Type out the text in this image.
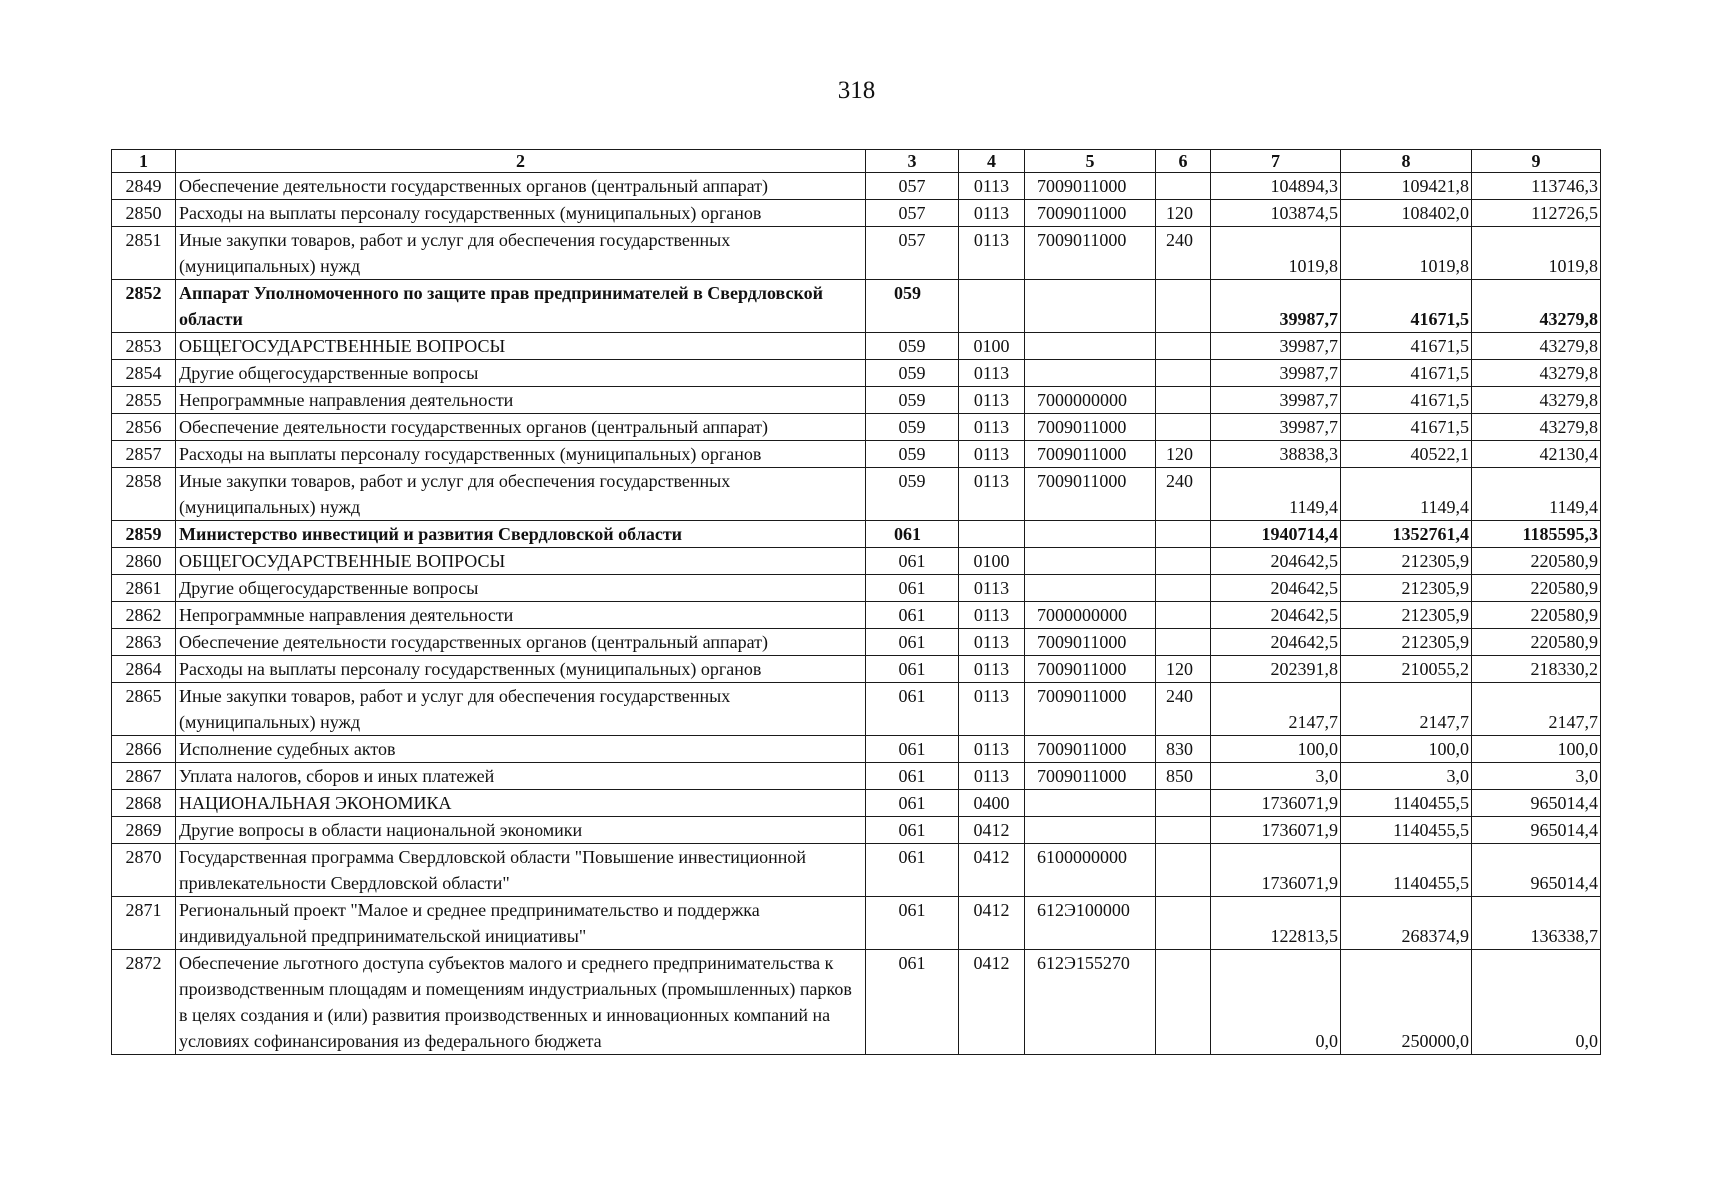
318
1	2	3	4	5	6	7	8	9
2849	Обеспечение деятельности государственных органов (центральный аппарат)	057	0113	7009011000		104894,3	109421,8	113746,3
2850	Расходы на выплаты персоналу государственных (муниципальных) органов	057	0113	7009011000	120	103874,5	108402,0	112726,5
2851	Иные закупки товаров, работ и услуг для обеспечения государственных (муниципальных) нужд	057	0113	7009011000	240	1019,8	1019,8	1019,8
2852	Аппарат Уполномоченного по защите прав предпринимателей в Свердловской области	059				39987,7	41671,5	43279,8
2853	ОБЩЕГОСУДАРСТВЕННЫЕ ВОПРОСЫ	059	0100			39987,7	41671,5	43279,8
2854	Другие общегосударственные вопросы	059	0113			39987,7	41671,5	43279,8
2855	Непрограммные направления деятельности	059	0113	7000000000		39987,7	41671,5	43279,8
2856	Обеспечение деятельности государственных органов (центральный аппарат)	059	0113	7009011000		39987,7	41671,5	43279,8
2857	Расходы на выплаты персоналу государственных (муниципальных) органов	059	0113	7009011000	120	38838,3	40522,1	42130,4
2858	Иные закупки товаров, работ и услуг для обеспечения государственных (муниципальных) нужд	059	0113	7009011000	240	1149,4	1149,4	1149,4
2859	Министерство инвестиций и развития Свердловской области	061				1940714,4	1352761,4	1185595,3
2860	ОБЩЕГОСУДАРСТВЕННЫЕ ВОПРОСЫ	061	0100			204642,5	212305,9	220580,9
2861	Другие общегосударственные вопросы	061	0113			204642,5	212305,9	220580,9
2862	Непрограммные направления деятельности	061	0113	7000000000		204642,5	212305,9	220580,9
2863	Обеспечение деятельности государственных органов (центральный аппарат)	061	0113	7009011000		204642,5	212305,9	220580,9
2864	Расходы на выплаты персоналу государственных (муниципальных) органов	061	0113	7009011000	120	202391,8	210055,2	218330,2
2865	Иные закупки товаров, работ и услуг для обеспечения государственных (муниципальных) нужд	061	0113	7009011000	240	2147,7	2147,7	2147,7
2866	Исполнение судебных актов	061	0113	7009011000	830	100,0	100,0	100,0
2867	Уплата налогов, сборов и иных платежей	061	0113	7009011000	850	3,0	3,0	3,0
2868	НАЦИОНАЛЬНАЯ ЭКОНОМИКА	061	0400			1736071,9	1140455,5	965014,4
2869	Другие вопросы в области национальной экономики	061	0412			1736071,9	1140455,5	965014,4
2870	Государственная программа Свердловской области "Повышение инвестиционной привлекательности Свердловской области"	061	0412	6100000000		1736071,9	1140455,5	965014,4
2871	Региональный проект "Малое и среднее предпринимательство и поддержка индивидуальной предпринимательской инициативы"	061	0412	612Э100000		122813,5	268374,9	136338,7
2872	Обеспечение льготного доступа субъектов малого и среднего предпринимательства к производственным площадям и помещениям индустриальных (промышленных) парков в целях создания и (или) развития производственных и инновационных компаний на условиях софинансирования из федерального бюджета	061	0412	612Э155270		0,0	250000,0	0,0
